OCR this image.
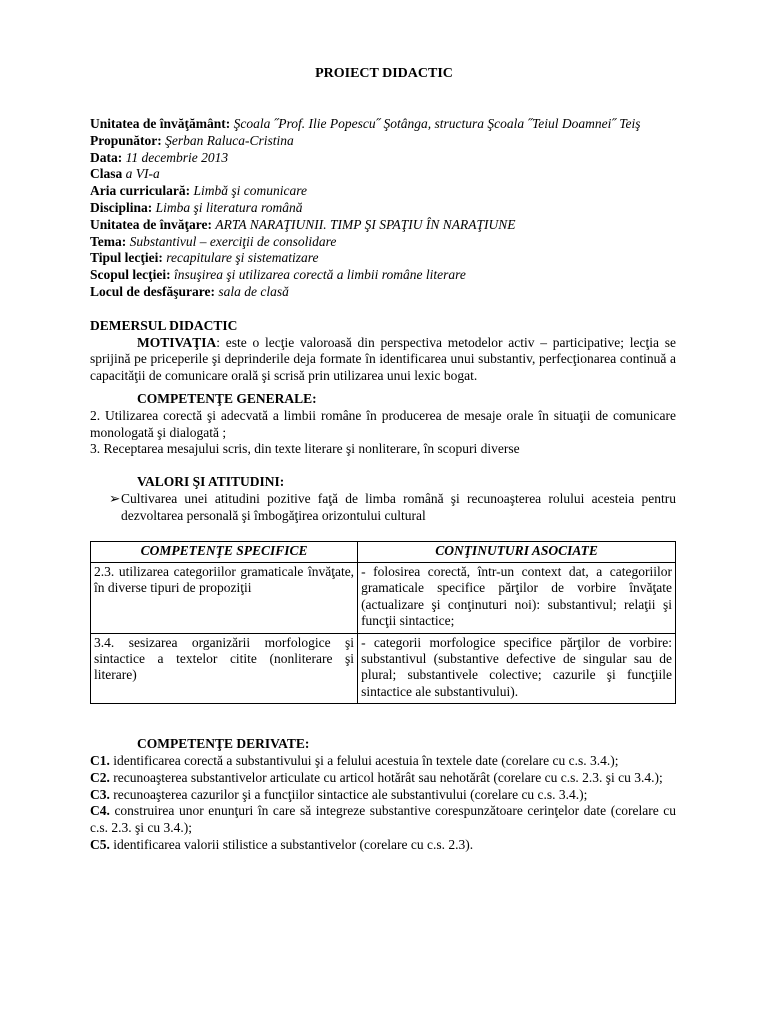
PROIECT DIDACTIC

Unitatea de învăţământ: Şcoala ˝Prof. Ilie Popescu˝ Şotânga, structura Şcoala ˝Teiul Doamnei˝ Teiş

Propunător: Şerban Raluca-Cristina

Data: 11 decembrie 2013

Clasa a VI-a

Aria curriculară: Limbă şi comunicare

Disciplina: Limba şi literatura română

Unitatea de învăţare: ARTA NARAŢIUNII. TIMP ŞI SPAŢIU ÎN NARAŢIUNE

Tema: Substantivul – exerciţii de consolidare

Tipul lecţiei: recapitulare şi sistematizare

Scopul lecţiei: însuşirea şi utilizarea corectă a limbii române literare

Locul de desfăşurare: sala de clasă

DEMERSUL DIDACTIC

MOTIVAŢIA: este o lecţie valoroasă din perspectiva metodelor activ – participative; lecţia se sprijină pe priceperile şi deprinderile deja formate în identificarea unui substantiv, perfecţionarea continuă a capacităţii de comunicare orală şi scrisă prin utilizarea unui lexic bogat.

COMPETENŢE GENERALE:

2. Utilizarea corectă şi adecvată a limbii române în producerea de mesaje orale în situaţii de comunicare monologată şi dialogată ;

3. Receptarea mesajului scris, din texte literare şi nonliterare, în scopuri diverse

VALORI ŞI ATITUDINI:

➢Cultivarea unei atitudini pozitive faţă de limba română şi recunoaşterea rolului acesteia pentru dezvoltarea personală şi îmbogăţirea orizontului cultural

COMPETENŢE SPECIFICE	CONŢINUTURI ASOCIATE
2.3. utilizarea categoriilor gramaticale învăţate, în diverse tipuri de propoziţii	- folosirea corectă, într-un context dat, a categoriilor gramaticale specifice părţilor de vorbire învăţate (actualizare şi conţinuturi noi): substantivul; relaţii şi funcţii sintactice;
3.4. sesizarea organizării morfologice şi sintactice a textelor citite (nonliterare şi literare)	- categorii morfologice specifice părţilor de vorbire: substantivul (substantive defective de singular sau de plural; substantivele colective; cazurile şi funcţiile sintactice ale substantivului).
COMPETENŢE DERIVATE:

C1. identificarea corectă a substantivului şi a felului acestuia în textele date (corelare cu c.s. 3.4.);

C2. recunoaşterea substantivelor articulate cu articol hotărât sau nehotărât (corelare cu c.s. 2.3. şi cu 3.4.);

C3. recunoaşterea cazurilor şi a funcţiilor sintactice ale substantivului (corelare cu c.s. 3.4.);

C4. construirea unor enunţuri în care să integreze substantive corespunzătoare cerinţelor date (corelare cu c.s. 2.3. şi cu 3.4.);

C5. identificarea valorii stilistice a substantivelor (corelare cu c.s. 2.3).
